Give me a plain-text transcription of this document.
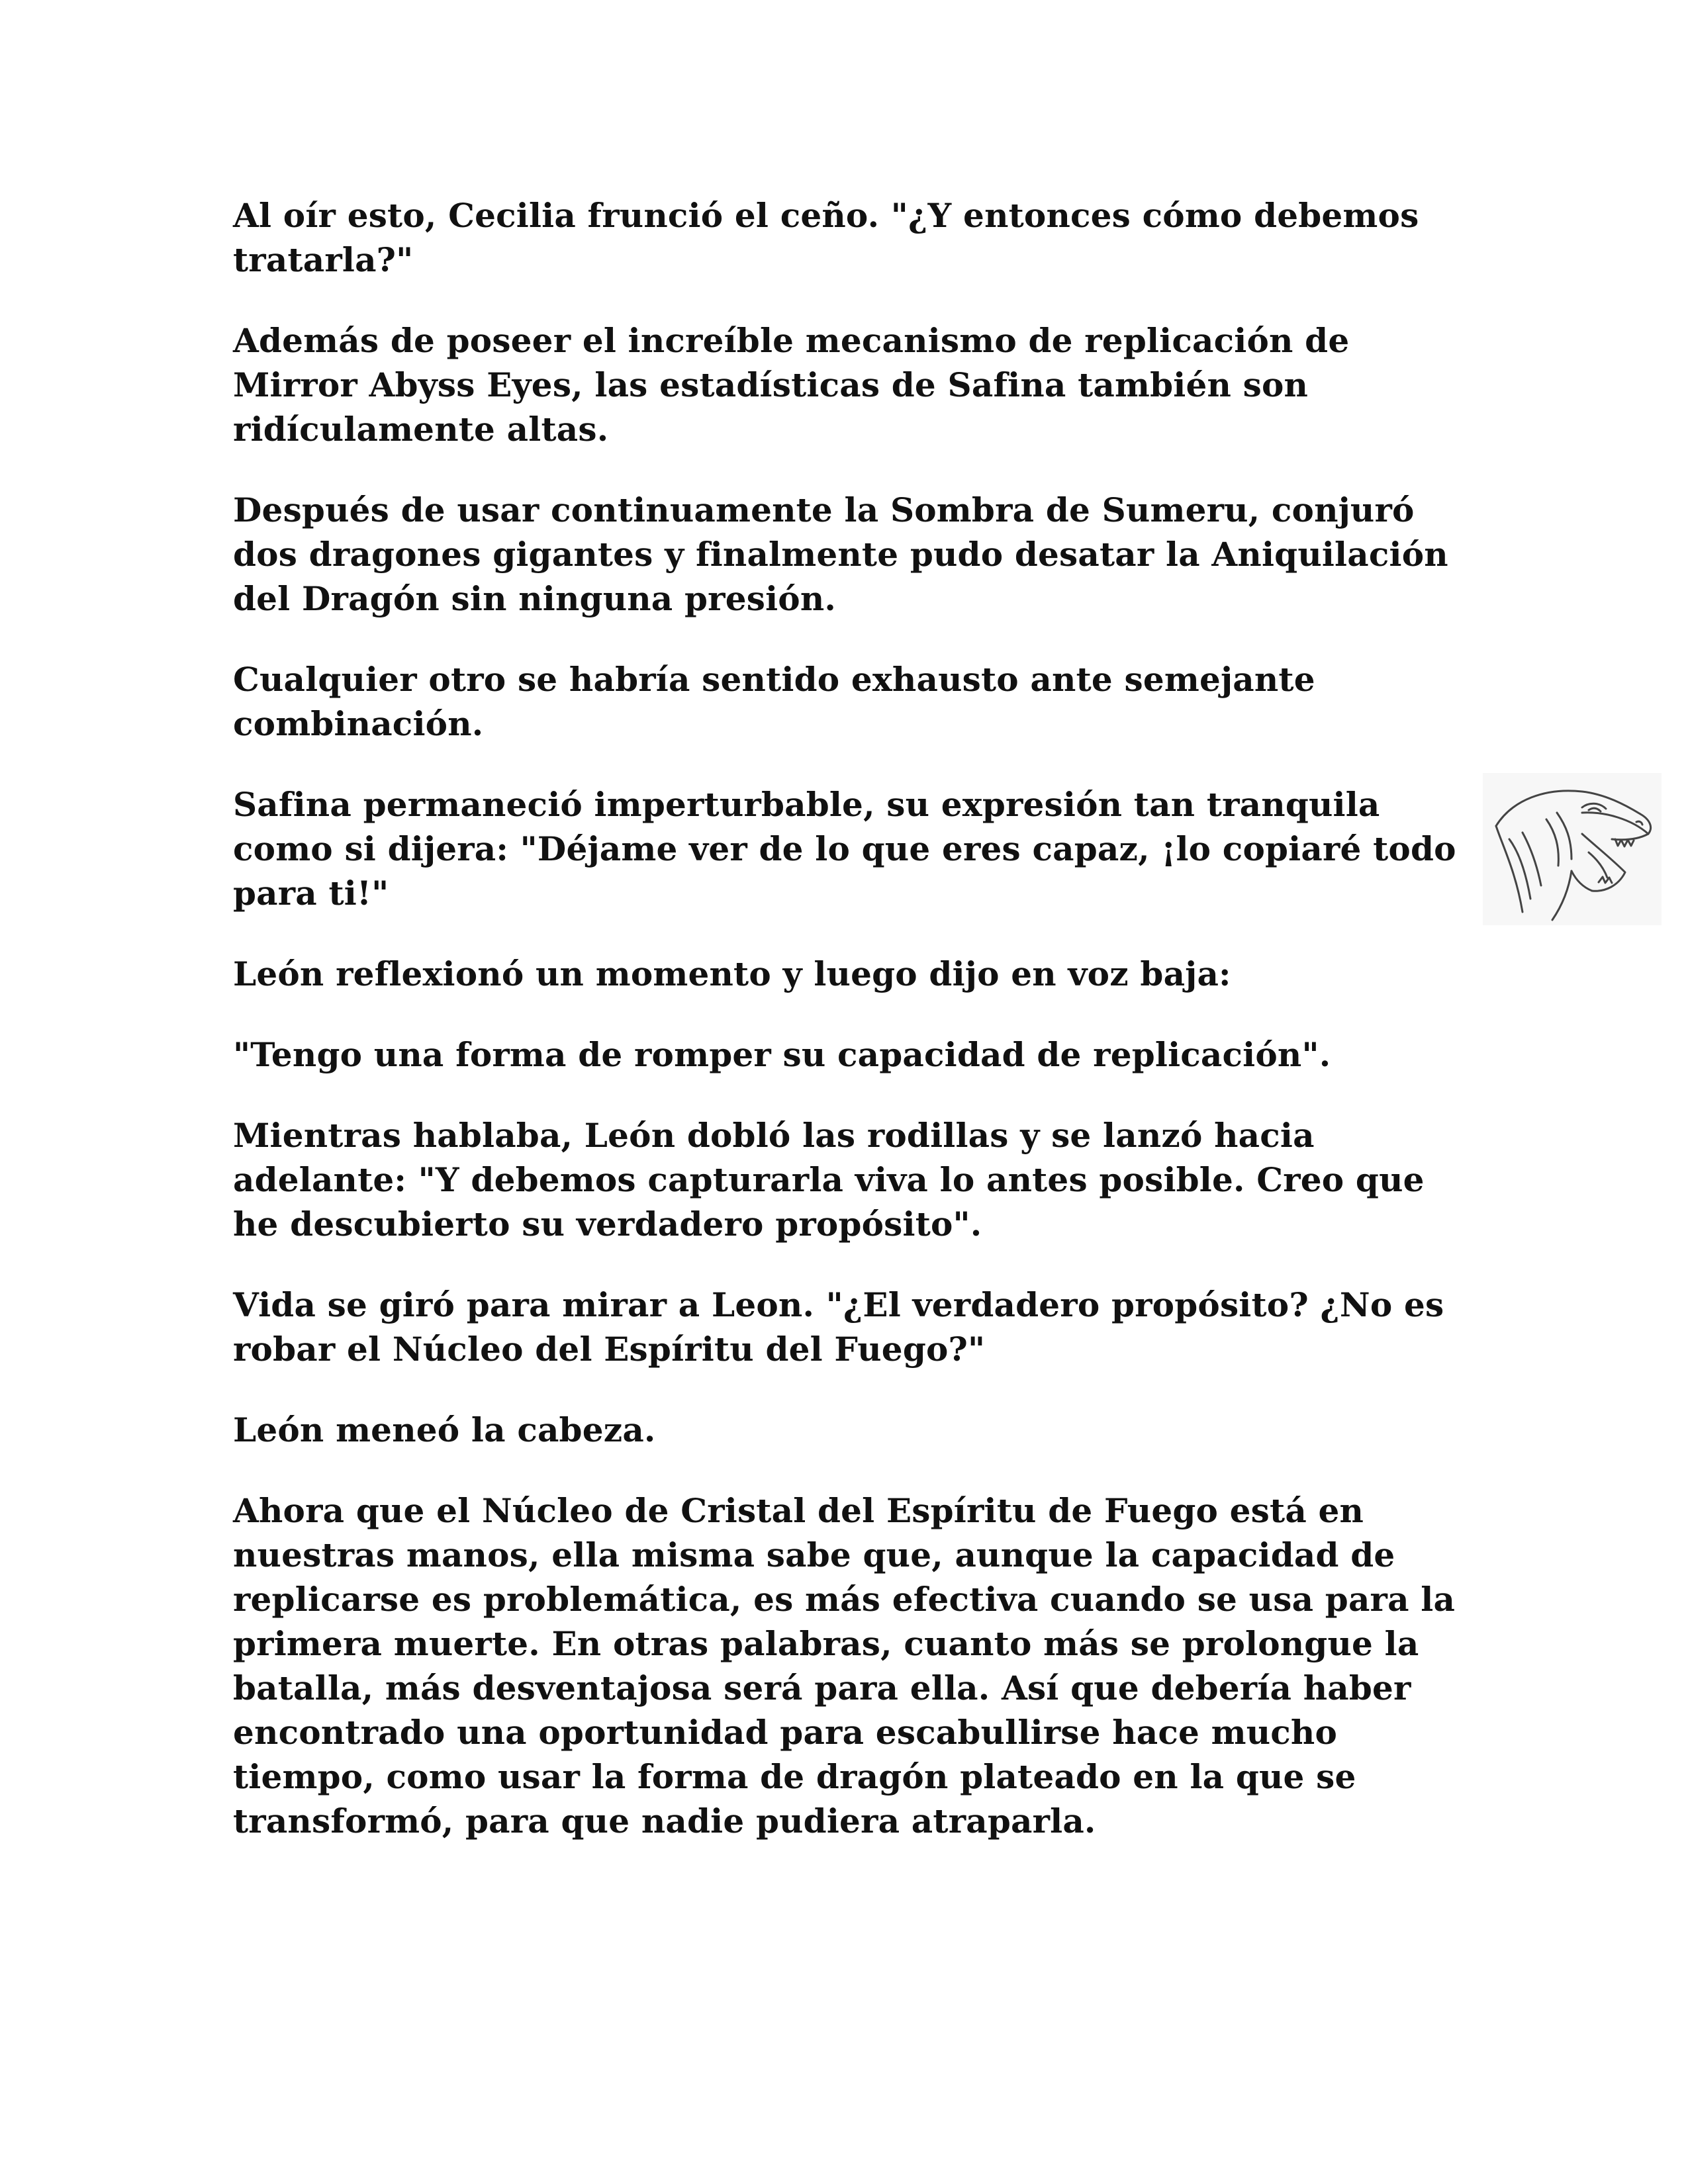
Al oír esto, Cecilia frunció el ceño. "¿Y entonces cómo debemos tratarla?"

Además de poseer el increíble mecanismo de replicación de Mirror Abyss Eyes, las estadísticas de Safina también son ridículamente altas.

Después de usar continuamente la Sombra de Sumeru, conjuró dos dragones gigantes y finalmente pudo desatar la Aniquilación del Dragón sin ninguna presión.

Cualquier otro se habría sentido exhausto ante semejante combinación.

Safina permaneció imperturbable, su expresión tan tranquila como si dijera: "Déjame ver de lo que eres capaz, ¡lo copiaré todo para ti!"

León reflexionó un momento y luego dijo en voz baja:

"Tengo una forma de romper su capacidad de replicación".

Mientras hablaba, León dobló las rodillas y se lanzó hacia adelante: "Y debemos capturarla viva lo antes posible. Creo que he descubierto su verdadero propósito".

Vida se giró para mirar a Leon. "¿El verdadero propósito? ¿No es robar el Núcleo del Espíritu del Fuego?"

León meneó la cabeza.

Ahora que el Núcleo de Cristal del Espíritu de Fuego está en nuestras manos, ella misma sabe que, aunque la capacidad de replicarse es problemática, es más efectiva cuando se usa para la primera muerte. En otras palabras, cuanto más se prolongue la batalla, más desventajosa será para ella. Así que debería haber encontrado una oportunidad para escabullirse hace mucho tiempo, como usar la forma de dragón plateado en la que se transformó, para que nadie pudiera atraparla.
